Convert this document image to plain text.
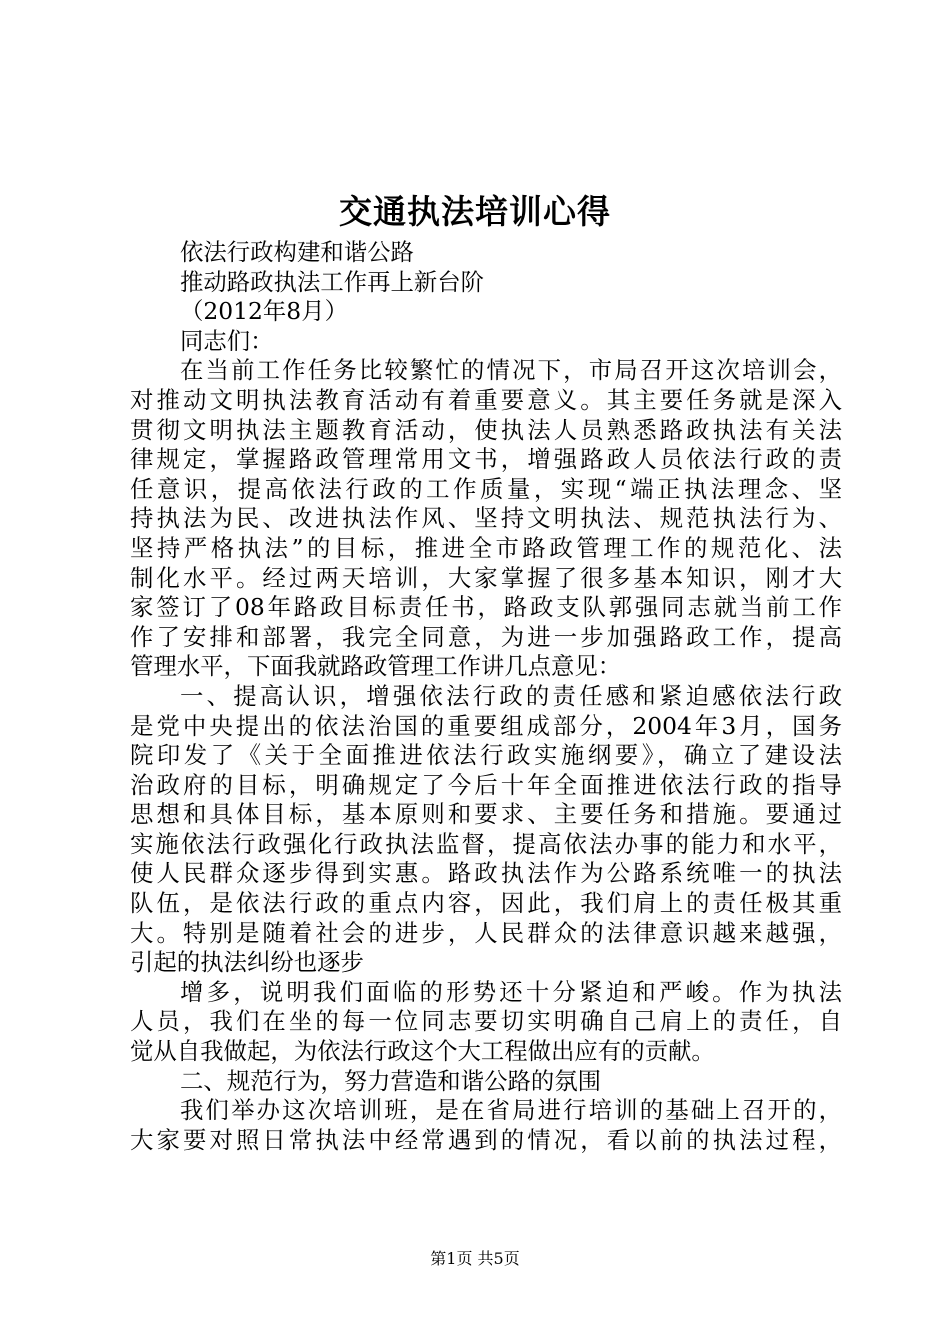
交通执法培训心得
依法行政构建和谐公路
推动路政执法工作再上新台阶
（2012年8月）
同志们：
在当前工作任务比较繁忙的情况下，市局召开这次培训会，
对推动文明执法教育活动有着重要意义。其主要任务就是深入
贯彻文明执法主题教育活动，使执法人员熟悉路政执法有关法
律规定，掌握路政管理常用文书，增强路政人员依法行政的责
任意识，提高依法行政的工作质量，实现“端正执法理念、坚
持执法为民、改进执法作风、坚持文明执法、规范执法行为、
坚持严格执法”的目标，推进全市路政管理工作的规范化、法
制化水平。经过两天培训，大家掌握了很多基本知识，刚才大
家签订了08年路政目标责任书，路政支队郭强同志就当前工作
作了安排和部署，我完全同意，为进一步加强路政工作，提高
管理水平，下面我就路政管理工作讲几点意见：
一、提高认识，增强依法行政的责任感和紧迫感依法行政
是党中央提出的依法治国的重要组成部分，2004年3月，国务
院印发了《关于全面推进依法行政实施纲要》，确立了建设法
治政府的目标，明确规定了今后十年全面推进依法行政的指导
思想和具体目标，基本原则和要求、主要任务和措施。要通过
实施依法行政强化行政执法监督，提高依法办事的能力和水平，
使人民群众逐步得到实惠。路政执法作为公路系统唯一的执法
队伍，是依法行政的重点内容，因此，我们肩上的责任极其重
大。特别是随着社会的进步，人民群众的法律意识越来越强，
引起的执法纠纷也逐步
增多，说明我们面临的形势还十分紧迫和严峻。作为执法
人员，我们在坐的每一位同志要切实明确自己肩上的责任，自
觉从自我做起，为依法行政这个大工程做出应有的贡献。
二、规范行为，努力营造和谐公路的氛围
我们举办这次培训班，是在省局进行培训的基础上召开的，
大家要对照日常执法中经常遇到的情况，看以前的执法过程，
第1页 共5页
